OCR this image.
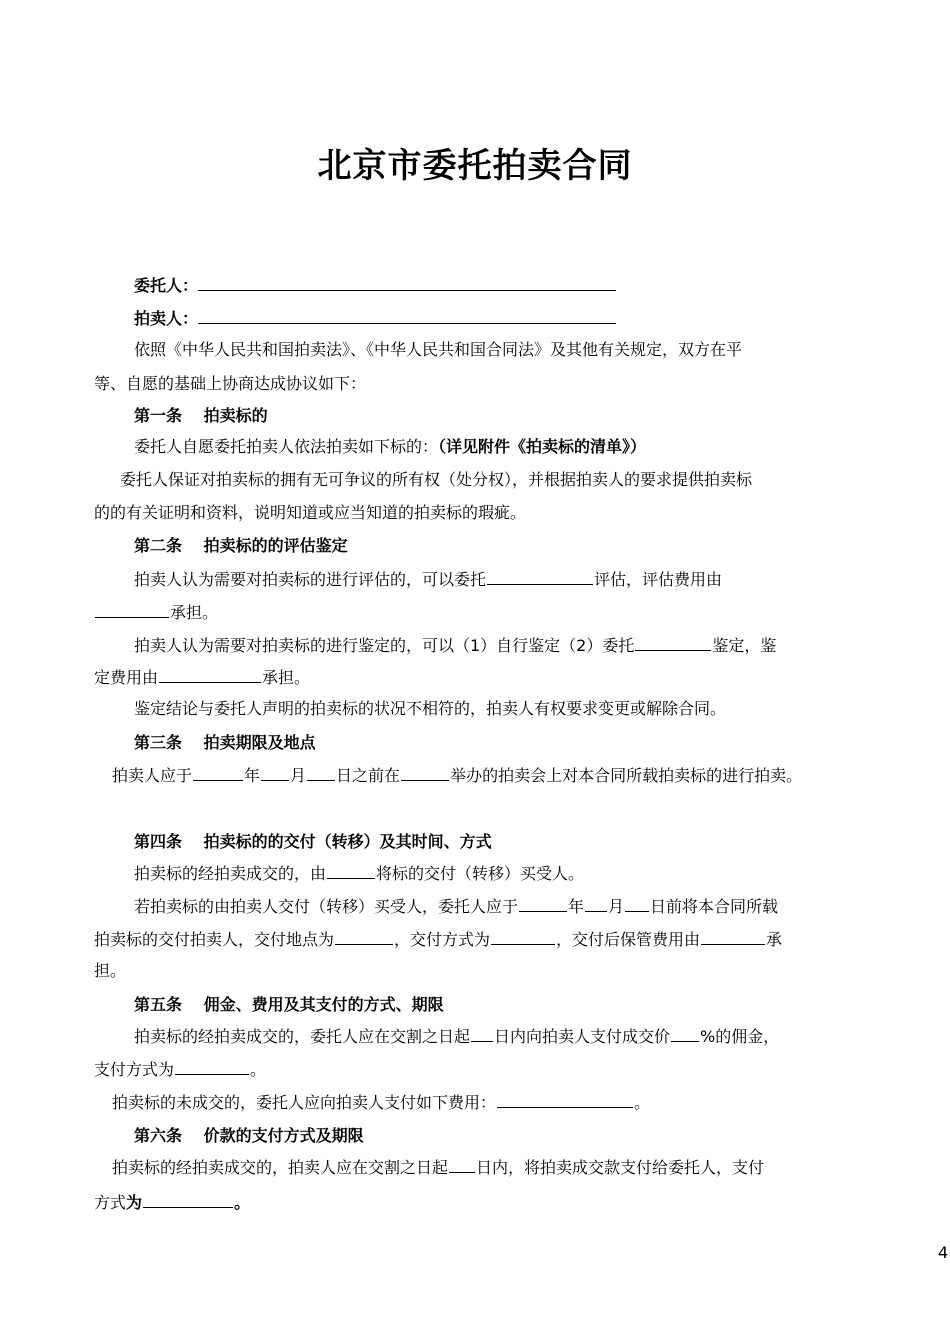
北京市委托拍卖合同
委托人：
拍卖人：
依照《中华人民共和国拍卖法》、《中华人民共和国合同法》及其他有关规定，双方在平
等、自愿的基础上协商达成协议如下：
第一条　 拍卖标的
委托人自愿委托拍卖人依法拍卖如下标的：（详见附件《拍卖标的清单》）
委托人保证对拍卖标的拥有无可争议的所有权（处分权），并根据拍卖人的要求提供拍卖标
的的有关证明和资料，说明知道或应当知道的拍卖标的瑕疵。
第二条　 拍卖标的的评估鉴定
拍卖人认为需要对拍卖标的进行评估的，可以委托	评估，评估费用由
承担。
拍卖人认为需要对拍卖标的进行鉴定的，可以（1）自行鉴定（2）委托	鉴定，鉴
定费用由	承担。
鉴定结论与委托人声明的拍卖标的状况不相符的，拍卖人有权要求变更或解除合同。
第三条　 拍卖期限及地点
拍卖人应于	年 月 日之前在	举办的拍卖会上对本合同所载拍卖标的进行拍卖。
第四条　 拍卖标的的交付（转移）及其时间、方式
拍卖标的经拍卖成交的，由	将标的交付（转移）买受人。
若拍卖标的由拍卖人交付（转移）买受人，委托人应于	年 月 日前将本合同所载
拍卖标的交付拍卖人，交付地点为	，交付方式为	，交付后保管费用由	承
担。
第五条　 佣金、费用及其支付的方式、期限
拍卖标的经拍卖成交的，委托人应在交割之日起 日内向拍卖人支付成交价 %的佣金，
支付方式为	。
拍卖标的未成交的，委托人应向拍卖人支付如下费用：	。
第六条　 价款的支付方式及期限
拍卖标的经拍卖成交的，拍卖人应在交割之日起 日内，将拍卖成交款支付给委托人，支付
方式为	。
4
